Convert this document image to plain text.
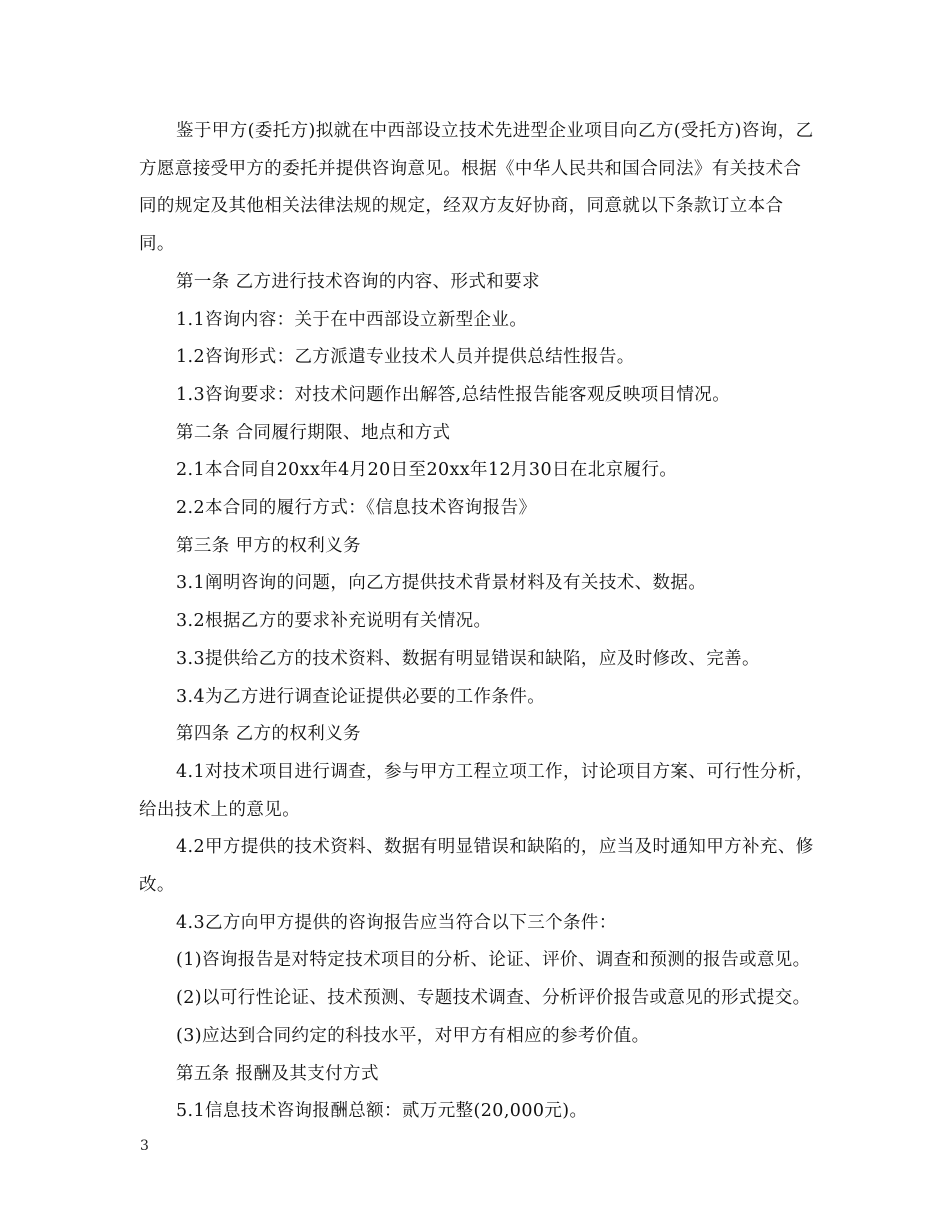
鉴于甲方(委托方)拟就在中西部设立技术先进型企业项目向乙方(受托方)咨询，乙方愿意接受甲方的委托并提供咨询意见。根据《中华人民共和国合同法》有关技术合同的规定及其他相关法律法规的规定，经双方友好协商，同意就以下条款订立本合同。

第一条 乙方进行技术咨询的内容、形式和要求

1.1咨询内容：关于在中西部设立新型企业。

1.2咨询形式：乙方派遣专业技术人员并提供总结性报告。

1.3咨询要求：对技术问题作出解答,总结性报告能客观反映项目情况。

第二条 合同履行期限、地点和方式

2.1本合同自20xx年4月20日至20xx年12月30日在北京履行。

2.2本合同的履行方式：《信息技术咨询报告》

第三条 甲方的权利义务

3.1阐明咨询的问题，向乙方提供技术背景材料及有关技术、数据。

3.2根据乙方的要求补充说明有关情况。

3.3提供给乙方的技术资料、数据有明显错误和缺陷，应及时修改、完善。

3.4为乙方进行调查论证提供必要的工作条件。

第四条 乙方的权利义务

4.1对技术项目进行调查，参与甲方工程立项工作，讨论项目方案、可行性分析，给出技术上的意见。

4.2甲方提供的技术资料、数据有明显错误和缺陷的，应当及时通知甲方补充、修改。

4.3乙方向甲方提供的咨询报告应当符合以下三个条件：

(1)咨询报告是对特定技术项目的分析、论证、评价、调查和预测的报告或意见。

(2)以可行性论证、技术预测、专题技术调查、分析评价报告或意见的形式提交。

(3)应达到合同约定的科技水平，对甲方有相应的参考价值。

第五条 报酬及其支付方式

5.1信息技术咨询报酬总额：贰万元整(20,000元)。

3
